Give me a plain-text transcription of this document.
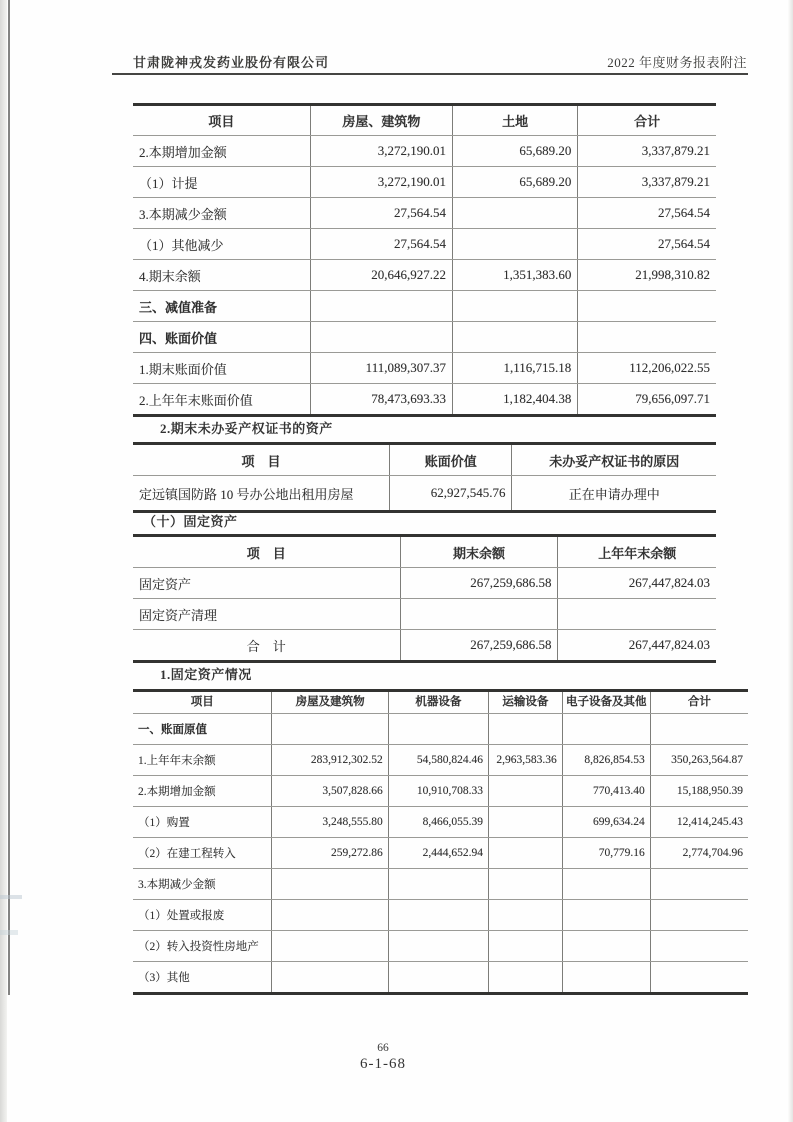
甘肃陇神戎发药业股份有限公司	2022 年度财务报表附注
项目	房屋、建筑物	土地	合计
2.本期增加金额	3,272,190.01	65,689.20	3,337,879.21
（1）计提	3,272,190.01	65,689.20	3,337,879.21
3.本期减少金额	27,564.54		27,564.54
（1）其他减少	27,564.54		27,564.54
4.期末余额	20,646,927.22	1,351,383.60	21,998,310.82
三、减值准备			
四、账面价值			
1.期末账面价值	111,089,307.37	1,116,715.18	112,206,022.55
2.上年年末账面价值	78,473,693.33	1,182,404.38	79,656,097.71
2.期末未办妥产权证书的资产
项　目	账面价值	未办妥产权证书的原因
定远镇国防路 10 号办公地出租用房屋	62,927,545.76	正在申请办理中
（十）固定资产
项　目	期末余额	上年年末余额
固定资产	267,259,686.58	267,447,824.03
固定资产清理		
合　计	267,259,686.58	267,447,824.03
1.固定资产情况
项目	房屋及建筑物	机器设备	运输设备	电子设备及其他	合计
一、账面原值					
1.上年年末余额	283,912,302.52	54,580,824.46	2,963,583.36	8,826,854.53	350,263,564.87
2.本期增加金额	3,507,828.66	10,910,708.33		770,413.40	15,188,950.39
（1）购置	3,248,555.80	8,466,055.39		699,634.24	12,414,245.43
（2）在建工程转入	259,272.86	2,444,652.94		70,779.16	2,774,704.96
3.本期减少金额					
（1）处置或报废					
（2）转入投资性房地产					
（3）其他					
66
6-1-68
